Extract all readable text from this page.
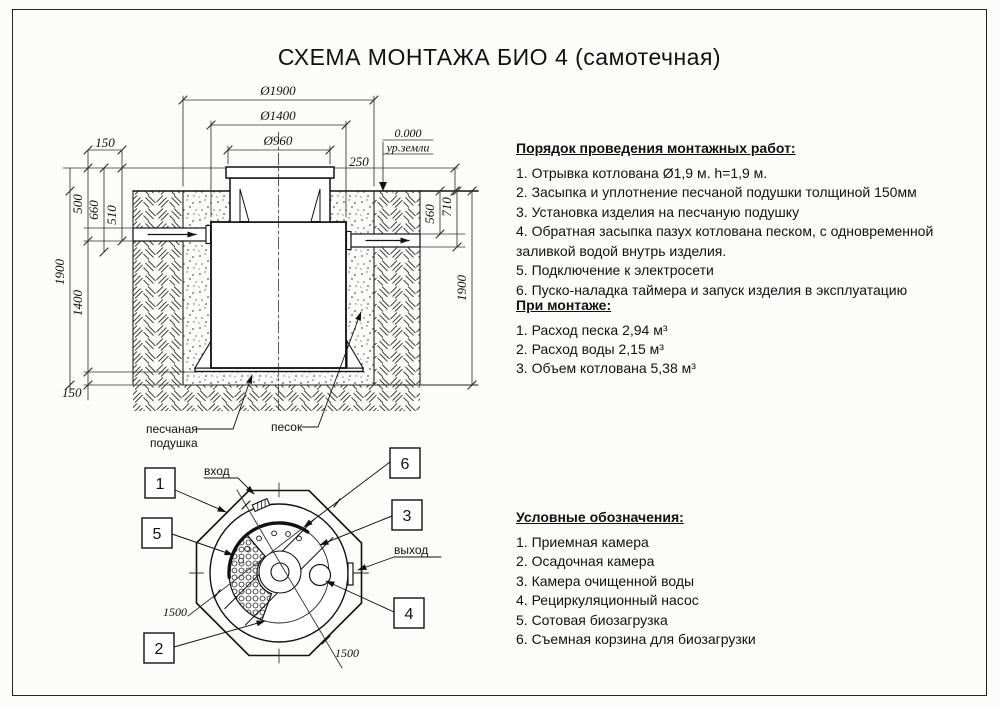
СХЕМА МОНТАЖА БИО 4 (самотечная)
Порядок проведения монтажных работ:
1. Отрывка котлована Ø1,9 м. h=1,9 м.
2. Засыпка и уплотнение песчаной подушки толщиной 150мм
3. Установка изделия на песчаную подушку
4. Обратная засыпка пазух котлована песком, с одновременной заливкой водой внутрь изделия.
5. Подключение к электросети
6. Пуско-наладка таймера и запуск изделия в эксплуатацию
При монтаже:
1. Расход песка 2,94 м³
2. Расход воды 2,15 м³
3. Объем котлована 5,38 м³
Условные обозначения:
1. Приемная камера
2. Осадочная камера
3. Камера очищенной воды
4. Рециркуляционный насос
5. Сотовая биозагрузка
6. Съемная корзина для биозагрузки
Ø1900
Ø1400
Ø960
150
500 660 510
1900
1400
150
0.000
ур.земли
250
560 710
1900
песчаная
подушка
песок
1500
1500
вход
выход
1
5
2
6
3
4
